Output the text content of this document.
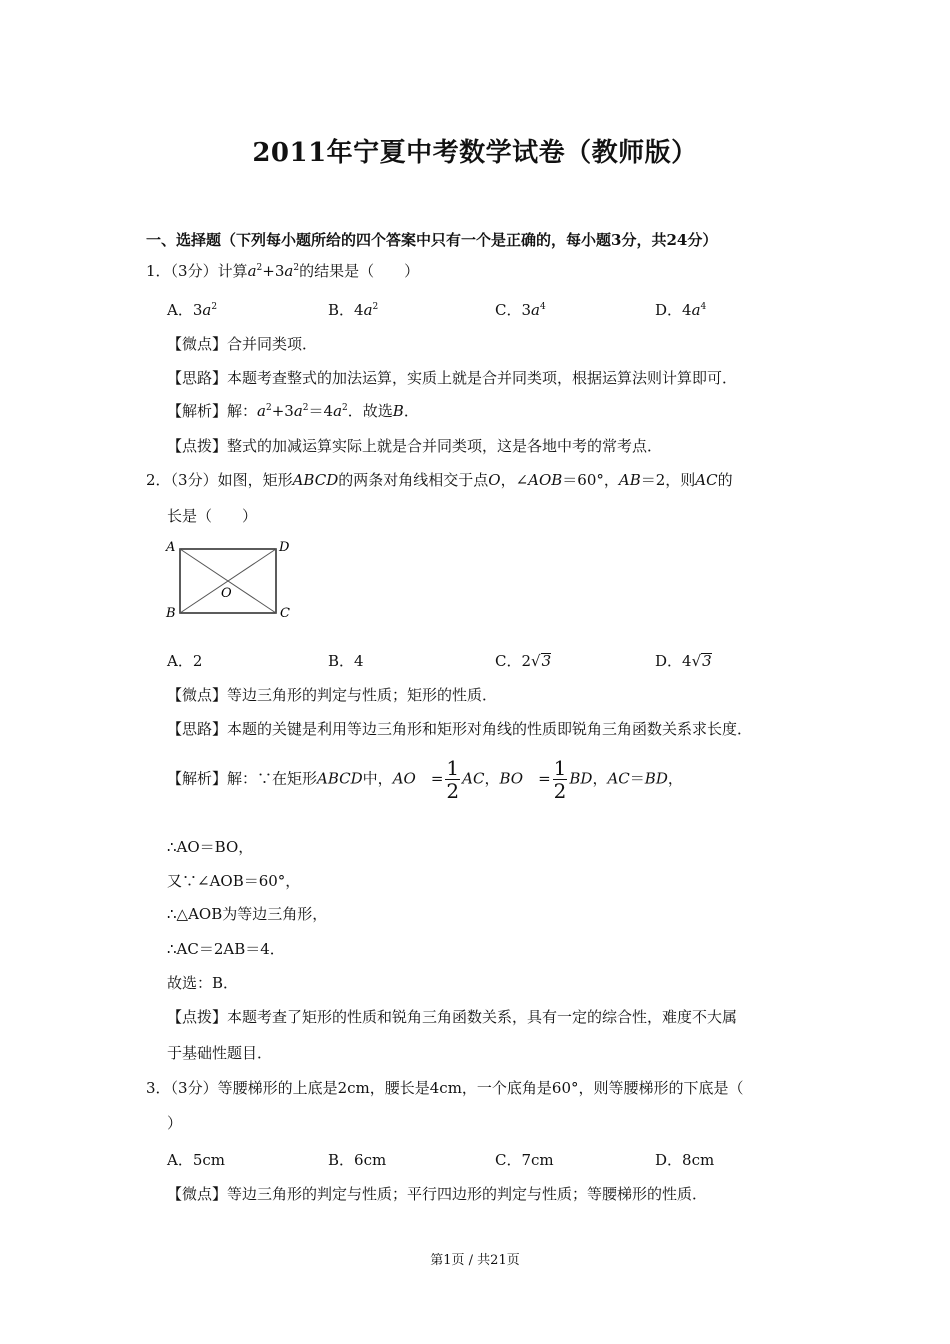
2011年宁夏中考数学试卷（教师版）
一、选择题（下列每小题所给的四个答案中只有一个是正确的，每小题3分，共24分）
1．（3分）计算$a^2+3a^2$的结果是（　　）
A．$3a^2$	B．$4a^2$	C．$3a^4$	D．$4a^4$
【微点】合并同类项．
【思路】本题考查整式的加法运算，实质上就是合并同类项，根据运算法则计算即可．
【解析】解：$a^2+3a^2=4a^2$．故选B．
【点拨】整式的加减运算实际上就是合并同类项，这是各地中考的常考点．
2．（3分）如图，矩形ABCD的两条对角线相交于点O，∠AOB＝60°，AB＝2，则AC的
长是（　　）
A	D
B	C
O
A．2	B．4	C．2√3	D．4√3
【微点】等边三角形的判定与性质；矩形的性质．
【思路】本题的关键是利用等边三角形和矩形对角线的性质即锐角三角函数关系求长度．
【解析】解：∵在矩形ABCD中，AO　= $\frac{1}{2}$ AC，BO　= $\frac{1}{2}$ BD，AC＝BD，
∴AO＝BO，
又∵∠AOB＝60°，
∴△AOB为等边三角形，
∴AC＝2AB＝4．
故选：B．
【点拨】本题考查了矩形的性质和锐角三角函数关系，具有一定的综合性，难度不大属
于基础性题目．
3．（3分）等腰梯形的上底是2cm，腰长是4cm，一个底角是60°，则等腰梯形的下底是（
）
A．5cm	B．6cm	C．7cm	D．8cm
【微点】等边三角形的判定与性质；平行四边形的判定与性质；等腰梯形的性质．
第1页 / 共21页
